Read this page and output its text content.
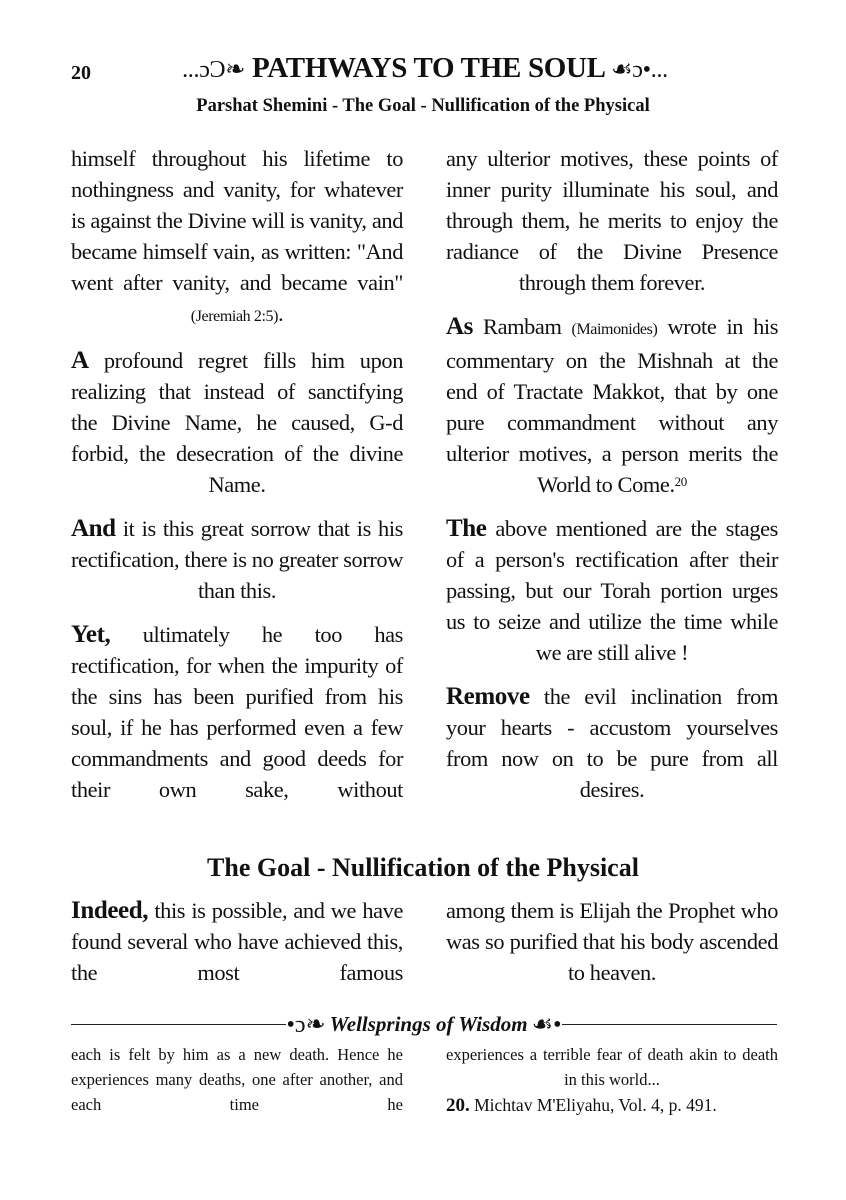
20	...ɔƆ❧ PATHWAYS TO THE SOUL ☙ɔ•...
Parshat Shemini - The Goal - Nullification of the Physical

himself throughout his lifetime to nothingness and vanity, for whatever is against the Divine will is vanity, and became himself vain, as written: "And went after vanity, and became vain" (Jeremiah 2:5).

A profound regret fills him upon realizing that instead of sanctifying the Divine Name, he caused, G-d forbid, the desecration of the divine Name.

And it is this great sorrow that is his rectification, there is no greater sorrow than this.

Yet, ultimately he too has rectification, for when the impurity of the sins has been purified from his soul, if he has performed even a few commandments and good deeds for their own sake, without

any ulterior motives, these points of inner purity illuminate his soul, and through them, he merits to enjoy the radiance of the Divine Presence through them forever.

As Rambam (Maimonides) wrote in his commentary on the Mishnah at the end of Tractate Makkot, that by one pure commandment without any ulterior motives, a person merits the World to Come.$^{20}$

The above mentioned are the stages of a person's rectification after their passing, but our Torah portion urges us to seize and utilize the time while we are still alive !

Remove the evil inclination from your hearts - accustom yourselves from now on to be pure from all desires.

The Goal - Nullification of the Physical

Indeed, this is possible, and we have found several who have achieved this, the most famous

among them is Elijah the Prophet who was so purified that his body ascended to heaven.

•ɔ❧ Wellsprings of Wisdom ☙•

each is felt by him as a new death. Hence he experiences many deaths, one after another, and each time he

experiences a terrible fear of death akin to death in this world...

20. Michtav M'Eliyahu, Vol. 4, p. 491.
